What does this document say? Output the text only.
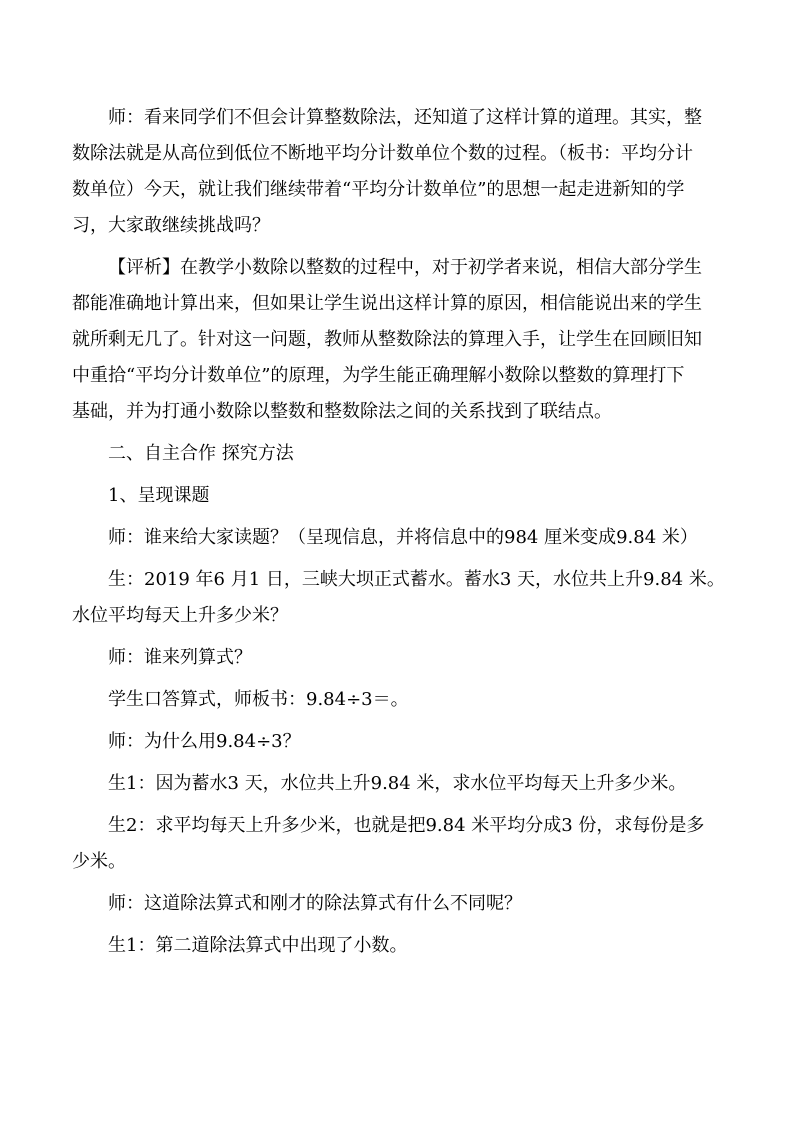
师：看来同学们不但会计算整数除法，还知道了这样计算的道理。其实，整
数除法就是从高位到低位不断地平均分计数单位个数的过程。（板书：平均分计
数单位）今天，就让我们继续带着“平均分计数单位”的思想一起走进新知的学
习，大家敢继续挑战吗？
【评析】在教学小数除以整数的过程中，对于初学者来说，相信大部分学生
都能准确地计算出来，但如果让学生说出这样计算的原因，相信能说出来的学生
就所剩无几了。针对这一问题，教师从整数除法的算理入手，让学生在回顾旧知
中重拾“平均分计数单位”的原理，为学生能正确理解小数除以整数的算理打下
基础，并为打通小数除以整数和整数除法之间的关系找到了联结点。
二、自主合作 探究方法
1、呈现课题
师：谁来给大家读题？（呈现信息，并将信息中的984 厘米变成9.84 米）
生：2019 年6 月1 日，三峡大坝正式蓄水。蓄水3 天，水位共上升9.84 米。
水位平均每天上升多少米？
师：谁来列算式？
学生口答算式，师板书：9.84÷3＝。
师：为什么用9.84÷3？
生1：因为蓄水3 天，水位共上升9.84 米，求水位平均每天上升多少米。
生2：求平均每天上升多少米，也就是把9.84 米平均分成3 份，求每份是多
少米。
师：这道除法算式和刚才的除法算式有什么不同呢？
生1：第二道除法算式中出现了小数。
